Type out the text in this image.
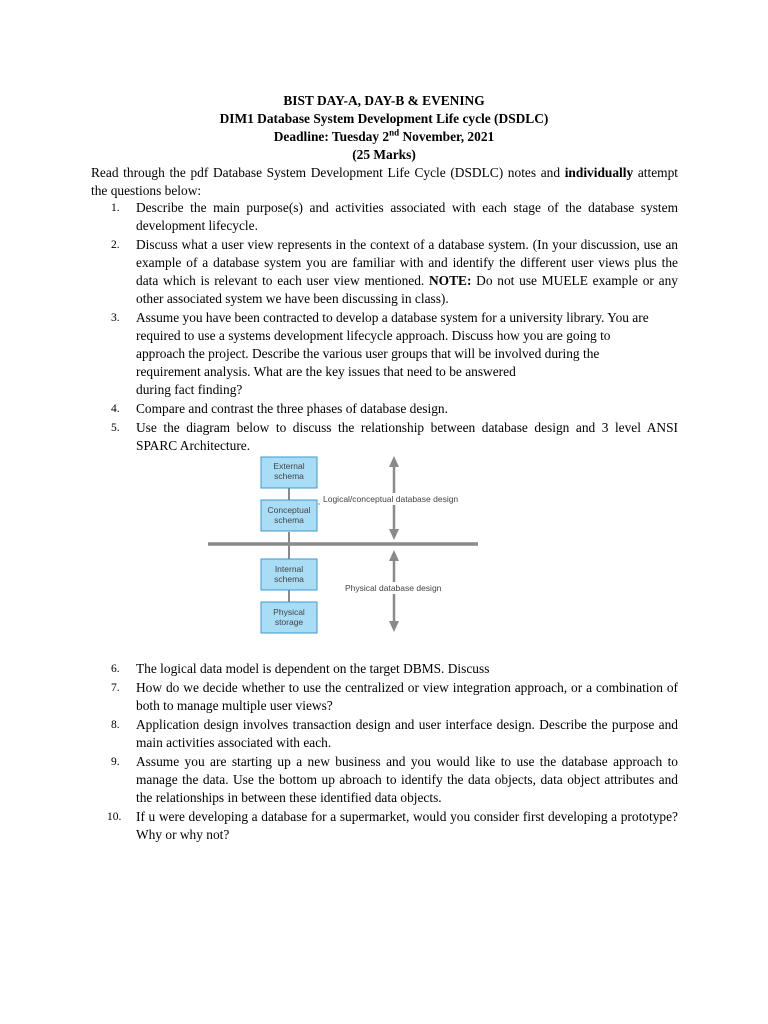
BIST DAY-A, DAY-B & EVENING
DIM1 Database System Development Life cycle (DSDLC)
Deadline: Tuesday 2nd November, 2021
(25 Marks)
Read through the pdf Database System Development Life Cycle (DSDLC) notes and individually attempt the questions below:
1.	Describe the main purpose(s) and activities associated with each stage of the database system development lifecycle.
2.	Discuss what a user view represents in the context of a database system. (In your discussion, use an example of a database system you are familiar with and identify the different user views plus the data which is relevant to each user view mentioned. NOTE: Do not use MUELE example or any other associated system we have been discussing in class).
3.	Assume you have been contracted to develop a database system for a university library. You are
required to use a systems development lifecycle approach. Discuss how you are going to
approach the project. Describe the various user groups that will be involved during the
requirement analysis. What are the key issues that need to be answered
during fact finding?
4.	Compare and contrast the three phases of database design.
5.	Use the diagram below to discuss the relationship between database design and 3 level ANSI SPARC Architecture.
External
schema
Conceptual
schema
Internal
schema
Physical
storage
Logical/conceptual database design
Physical database design
6.	The logical data model is dependent on the target DBMS. Discuss
7.	How do we decide whether to use the centralized or view integration approach, or a combination of both to manage multiple user views?
8.	Application design involves transaction design and user interface design. Describe the purpose and main activities associated with each.
9.	Assume you are starting up a new business and you would like to use the database approach to manage the data. Use the bottom up abroach to identify the data objects, data object attributes and the relationships in between these identified data objects.
10.	If u were developing a database for a supermarket, would you consider first developing a prototype? Why or why not?
